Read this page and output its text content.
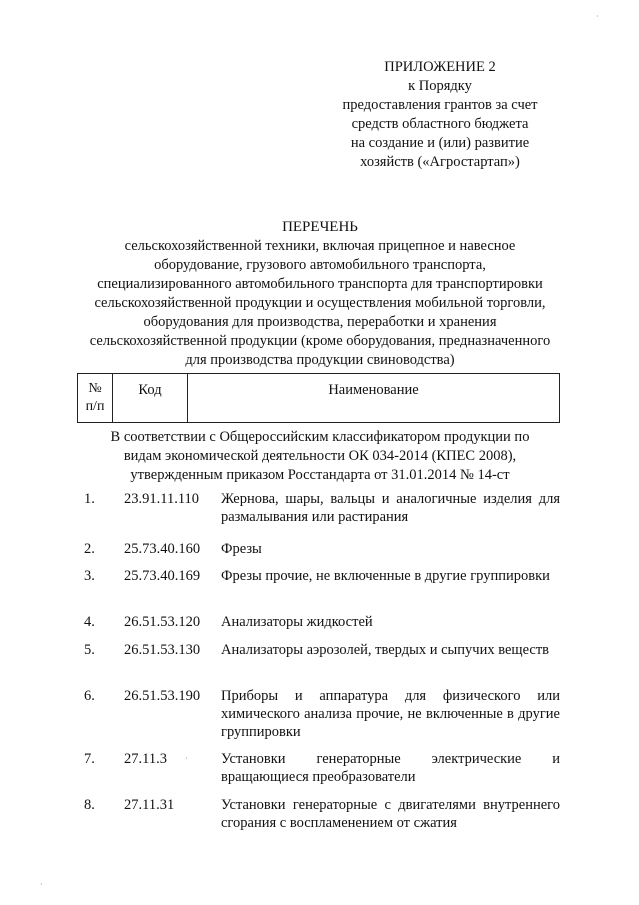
ПРИЛОЖЕНИЕ 2
к Порядку
предоставления грантов за счет
средств областного бюджета
на создание и (или) развитие
хозяйств («Агростартап»)
ПЕРЕЧЕНЬ
сельскохозяйственной техники, включая прицепное и навесное
оборудование, грузового автомобильного транспорта,
специализированного автомобильного транспорта для транспортировки
сельскохозяйственной продукции и осуществления мобильной торговли,
оборудования для производства, переработки и хранения
сельскохозяйственной продукции (кроме оборудования, предназначенного
для производства продукции свиноводства)
№
п/п
	Код	Наименование
В соответствии с Общероссийским классификатором продукции по
видам экономической деятельности ОК 034-2014 (КПЕС 2008),
утвержденным приказом Росстандарта от 31.01.2014 № 14-ст
1.	23.91.11.110	Жернова, шары, вальцы и аналогичные изделия для размалывания или растирания
2.	25.73.40.160	Фрезы
3.	25.73.40.169	Фрезы прочие, не включенные в другие группировки
4.	26.51.53.120	Анализаторы жидкостей
5.	26.51.53.130	Анализаторы аэрозолей, твердых и сыпучих веществ
6.	26.51.53.190	Приборы и аппаратура для физического или химического анализа прочие, не включенные в другие группировки
7.	27.11.3	Установки генераторные электрические и вращающиеся преобразователи
8.	27.11.31	Установки генераторные с двигателями внутреннего сгорания с воспламенением от сжатия
·
·
·
